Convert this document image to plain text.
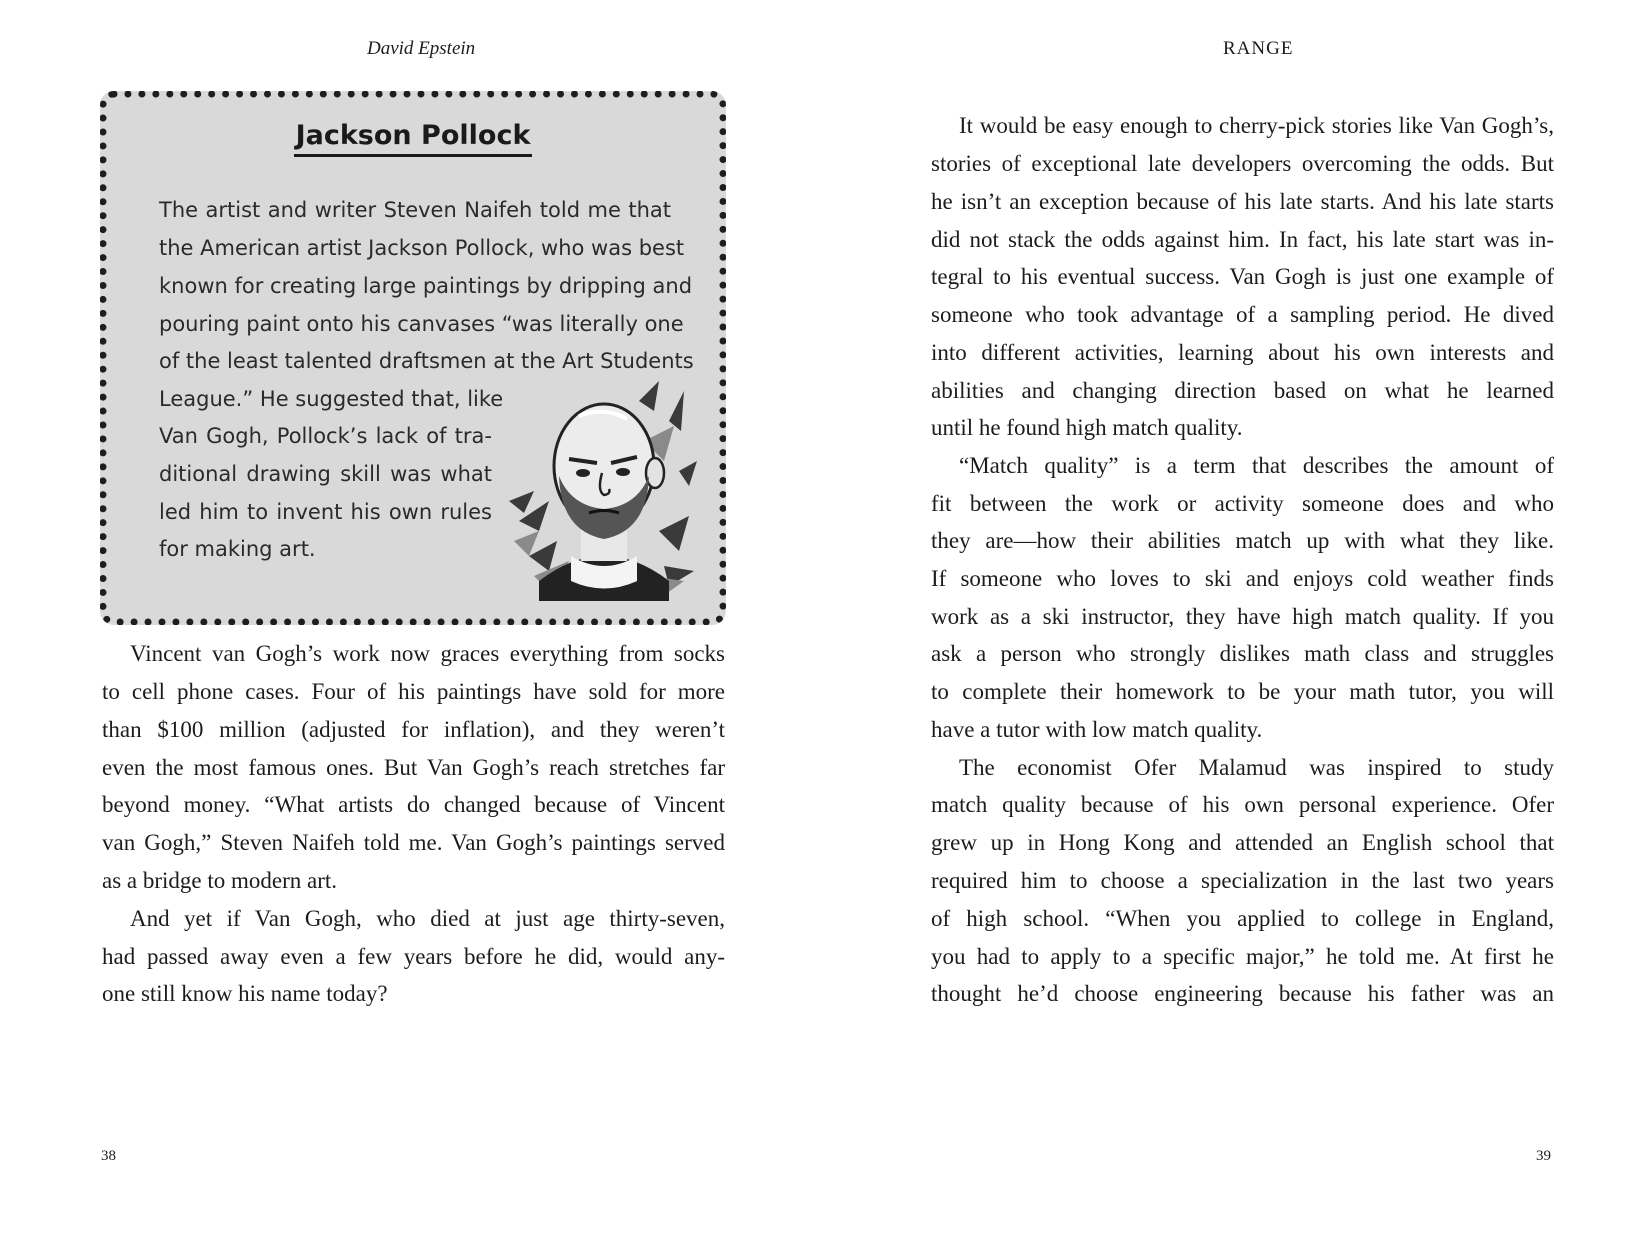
David Epstein
Jackson Pollock
The artist and writer Steven Naifeh told me that
the American artist Jackson Pollock, who was best
known for creating large paintings by dripping and
pouring paint onto his canvases “was literally one
of the least talented draftsmen at the Art Students
League.” He suggested that, like
Van Gogh, Pollock’s lack of tra-
ditional drawing skill was what
led him to invent his own rules
for making art.
Vincent van Gogh’s work now graces everything from socks
to cell phone cases. Four of his paintings have sold for more
than $100 million (adjusted for inflation), and they weren’t
even the most famous ones. But Van Gogh’s reach stretches far
beyond money. “What artists do changed because of Vincent
van Gogh,” Steven Naifeh told me. Van Gogh’s paintings served
as a bridge to modern art.
And yet if Van Gogh, who died at just age thirty-seven,
had passed away even a few years before he did, would any-
one still know his name today?
38
RANGE
It would be easy enough to cherry-pick stories like Van Gogh’s,
stories of exceptional late developers overcoming the odds. But
he isn’t an exception because of his late starts. And his late starts
did not stack the odds against him. In fact, his late start was in-
tegral to his eventual success. Van Gogh is just one example of
someone who took advantage of a sampling period. He dived
into different activities, learning about his own interests and
abilities and changing direction based on what he learned
until he found high match quality.
“Match quality” is a term that describes the amount of
fit between the work or activity someone does and who
they are—how their abilities match up with what they like.
If someone who loves to ski and enjoys cold weather finds
work as a ski instructor, they have high match quality. If you
ask a person who strongly dislikes math class and struggles
to complete their homework to be your math tutor, you will
have a tutor with low match quality.
The economist Ofer Malamud was inspired to study
match quality because of his own personal experience. Ofer
grew up in Hong Kong and attended an English school that
required him to choose a specialization in the last two years
of high school. “When you applied to college in England,
you had to apply to a specific major,” he told me. At first he
thought he’d choose engineering because his father was an
39
